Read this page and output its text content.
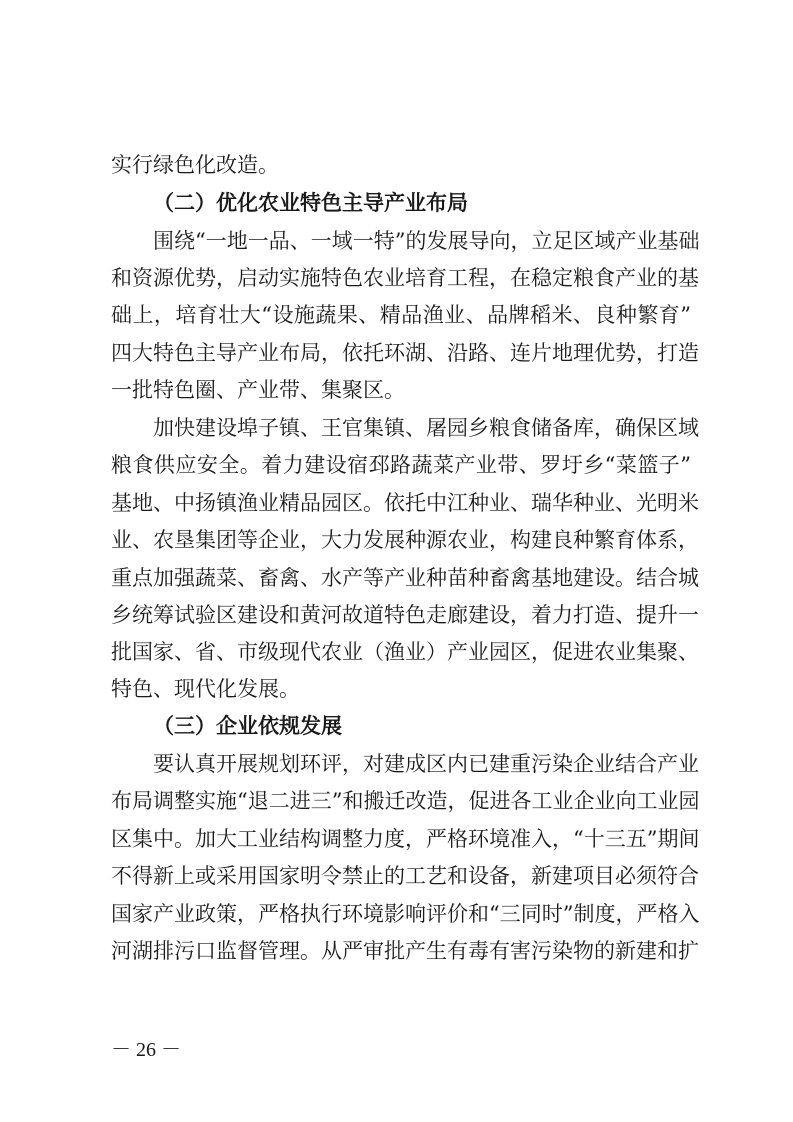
实行绿色化改造。
（二）优化农业特色主导产业布局
围绕“一地一品、一域一特”的发展导向，立足区域产业基础
和资源优势，启动实施特色农业培育工程，在稳定粮食产业的基
础上，培育壮大“设施蔬果、精品渔业、品牌稻米、良种繁育”
四大特色主导产业布局，依托环湖、沿路、连片地理优势，打造
一批特色圈、产业带、集聚区。
加快建设埠子镇、王官集镇、屠园乡粮食储备库，确保区域
粮食供应安全。着力建设宿邳路蔬菜产业带、罗圩乡“菜篮子”
基地、中扬镇渔业精品园区。依托中江种业、瑞华种业、光明米
业、农垦集团等企业，大力发展种源农业，构建良种繁育体系，
重点加强蔬菜、畜禽、水产等产业种苗种畜禽基地建设。结合城
乡统筹试验区建设和黄河故道特色走廊建设，着力打造、提升一
批国家、省、市级现代农业（渔业）产业园区，促进农业集聚、
特色、现代化发展。
（三）企业依规发展
要认真开展规划环评，对建成区内已建重污染企业结合产业
布局调整实施“退二进三”和搬迁改造，促进各工业企业向工业园
区集中。加大工业结构调整力度，严格环境准入，“十三五”期间
不得新上或采用国家明令禁止的工艺和设备，新建项目必须符合
国家产业政策，严格执行环境影响评价和“三同时”制度，严格入
河湖排污口监督管理。从严审批产生有毒有害污染物的新建和扩
－ 26 －
